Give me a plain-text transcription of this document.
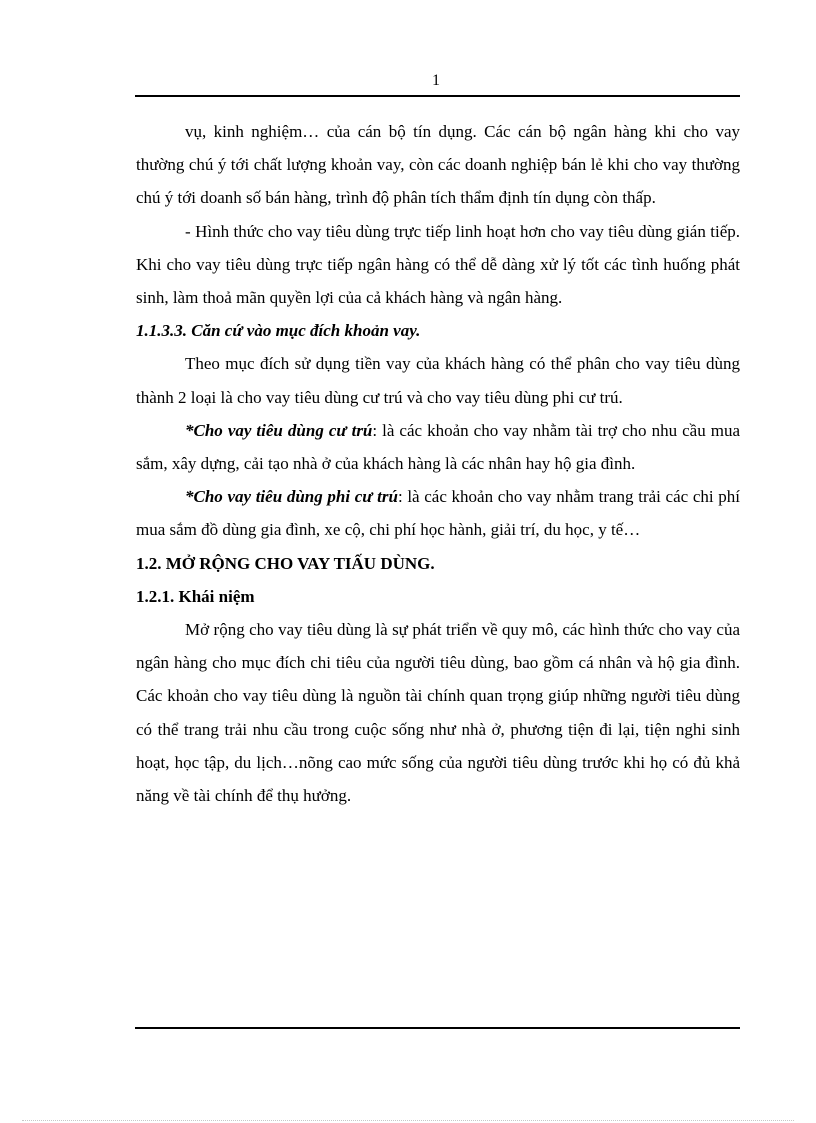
1

vụ, kinh nghiệm… của cán bộ tín dụng. Các cán bộ ngân hàng khi cho vay thường chú ý tới chất lượng khoản vay, còn các doanh nghiệp bán lẻ khi cho vay thường chú ý tới doanh số bán hàng, trình độ phân tích thẩm định tín dụng còn thấp.

- Hình thức cho vay tiêu dùng trực tiếp linh hoạt hơn cho vay tiêu dùng gián tiếp. Khi cho vay tiêu dùng trực tiếp ngân hàng có thể dễ dàng xử lý tốt các tình huống phát sinh, làm thoả mãn quyền lợi của cả khách hàng và ngân hàng.

1.1.3.3. Căn cứ vào mục đích khoản vay.

Theo mục đích sử dụng tiền vay của khách hàng có thể phân cho vay tiêu dùng thành 2 loại là cho vay tiêu dùng cư trú và cho vay tiêu dùng phi cư trú.

*Cho vay tiêu dùng cư trú: là các khoản cho vay nhằm tài trợ cho nhu cầu mua sắm, xây dựng, cải tạo nhà ở của khách hàng là các nhân hay hộ gia đình.

*Cho vay tiêu dùng phi cư trú: là các khoản cho vay nhằm trang trải các chi phí mua sắm đồ dùng gia đình, xe cộ, chi phí học hành, giải trí, du học, y tế…

1.2. MỞ RỘNG CHO VAY TIẤU DÙNG.

1.2.1. Khái niệm

Mở rộng cho vay tiêu dùng là sự phát triển về quy mô, các hình thức cho vay của ngân hàng cho mục đích chi tiêu của người tiêu dùng, bao gồm cá nhân và hộ gia đình. Các khoản cho vay tiêu dùng là nguồn tài chính quan trọng giúp những người tiêu dùng có thể trang trải nhu cầu trong cuộc sống như nhà ở, phương tiện đi lại, tiện nghi sinh hoạt, học tập, du lịch…nõng cao mức sống của người tiêu dùng trước khi họ có đủ khả năng về tài chính để thụ hưởng.
